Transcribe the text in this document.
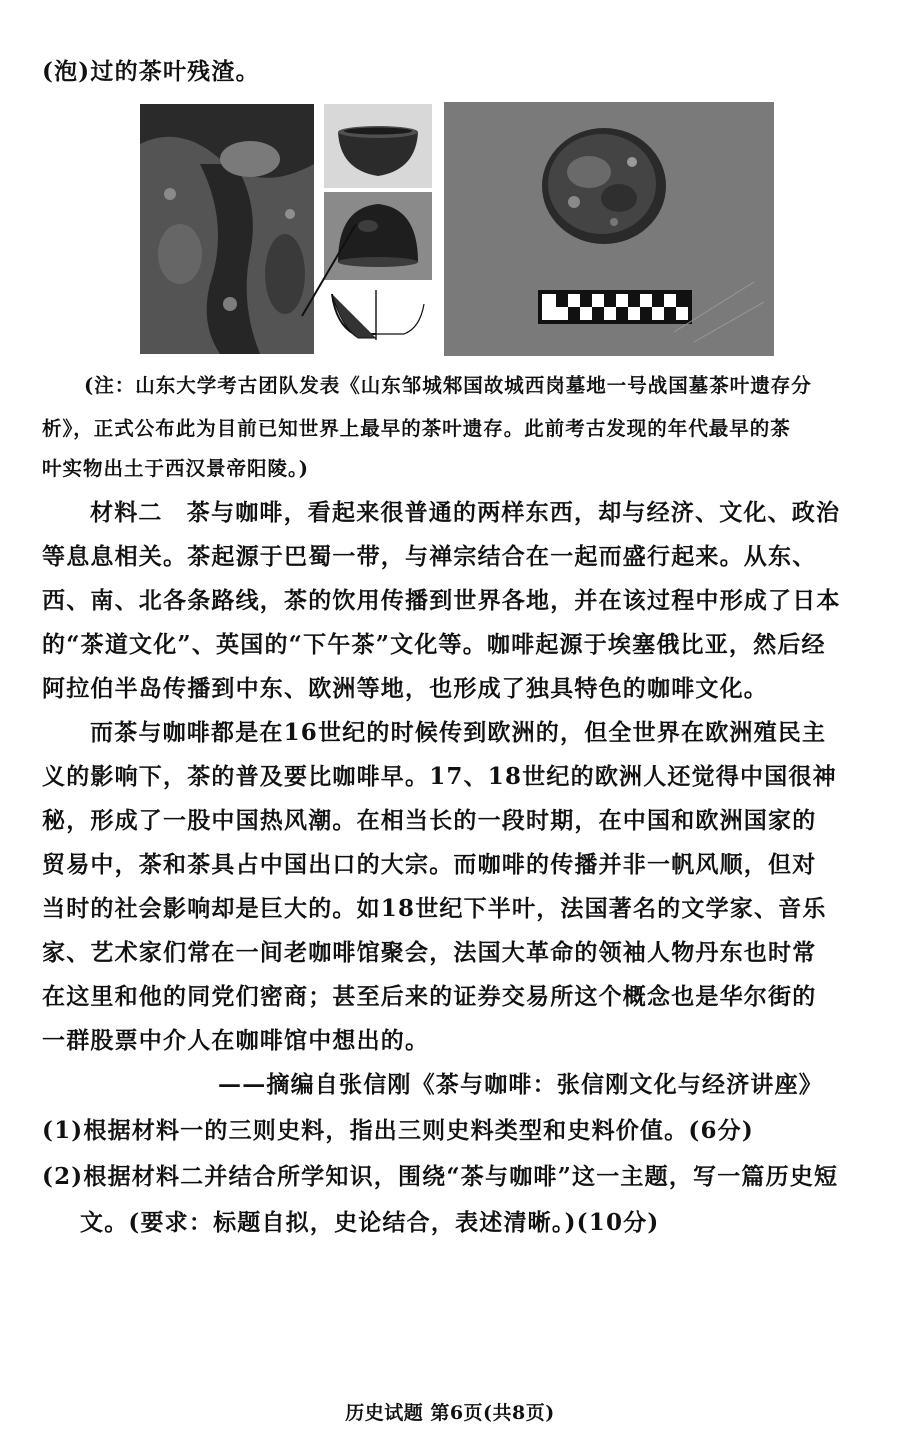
(泡)过的茶叶残渣。
(注：山东大学考古团队发表《山东邹城邾国故城西岗墓地一号战国墓茶叶遗存分
析》，正式公布此为目前已知世界上最早的茶叶遗存。此前考古发现的年代最早的茶
叶实物出土于西汉景帝阳陵。)
材料二　茶与咖啡，看起来很普通的两样东西，却与经济、文化、政治
等息息相关。茶起源于巴蜀一带，与禅宗结合在一起而盛行起来。从东、
西、南、北各条路线，茶的饮用传播到世界各地，并在该过程中形成了日本
的“茶道文化”、英国的“下午茶”文化等。咖啡起源于埃塞俄比亚，然后经
阿拉伯半岛传播到中东、欧洲等地，也形成了独具特色的咖啡文化。
而茶与咖啡都是在16世纪的时候传到欧洲的，但全世界在欧洲殖民主
义的影响下，茶的普及要比咖啡早。17、18世纪的欧洲人还觉得中国很神
秘，形成了一股中国热风潮。在相当长的一段时期，在中国和欧洲国家的
贸易中，茶和茶具占中国出口的大宗。而咖啡的传播并非一帆风顺，但对
当时的社会影响却是巨大的。如18世纪下半叶，法国著名的文学家、音乐
家、艺术家们常在一间老咖啡馆聚会，法国大革命的领袖人物丹东也时常
在这里和他的同党们密商；甚至后来的证券交易所这个概念也是华尔街的
一群股票中介人在咖啡馆中想出的。
——摘编自张信刚《茶与咖啡：张信刚文化与经济讲座》
(1)根据材料一的三则史料，指出三则史料类型和史料价值。(6分)
(2)根据材料二并结合所学知识，围绕“茶与咖啡”这一主题，写一篇历史短
文。(要求：标题自拟，史论结合，表述清晰。)(10分)
历史试题 第6页(共8页)
